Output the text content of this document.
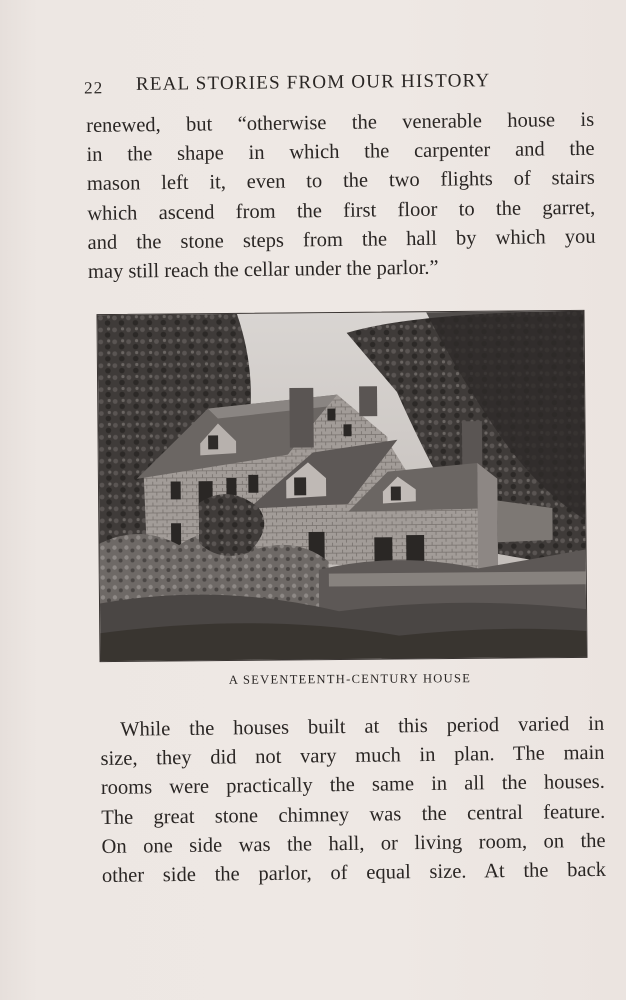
22 REAL STORIES FROM OUR HISTORY
renewed, but “otherwise the venerable house is
in the shape in which the carpenter and the
mason left it, even to the two flights of stairs
which ascend from the first floor to the garret,
and the stone steps from the hall by which you
may still reach the cellar under the parlor.”
A SEVENTEENTH-CENTURY HOUSE
While the houses built at this period varied in
size, they did not vary much in plan. The main
rooms were practically the same in all the houses.
The great stone chimney was the central feature.
On one side was the hall, or living room, on the
other side the parlor, of equal size. At the back
